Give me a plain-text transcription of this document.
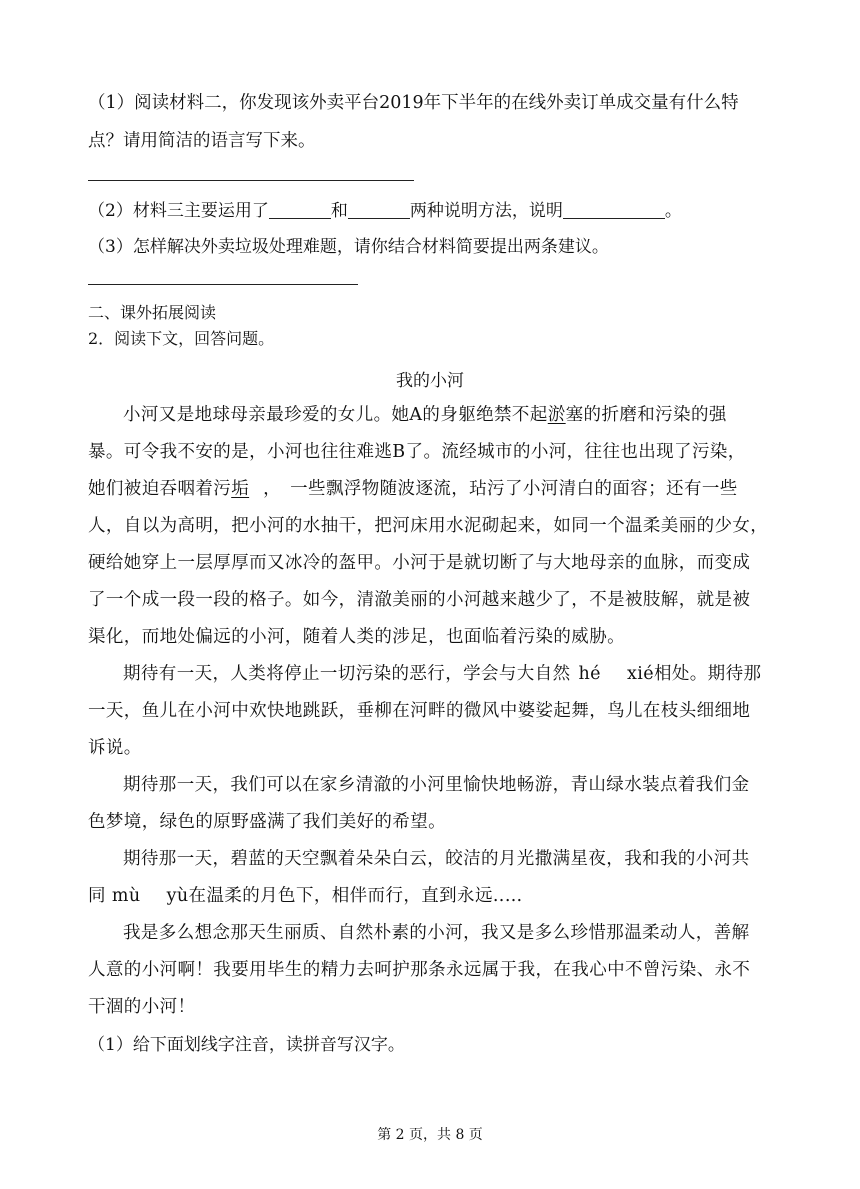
（1）阅读材料二，你发现该外卖平台2019年下半年的在线外卖订单成交量有什么特
点？请用简洁的语言写下来。
（2）材料三主要运用了	和	两种说明方法，说明	。
（3）怎样解决外卖垃圾处理难题，请你结合材料简要提出两条建议。
二、课外拓展阅读
2．阅读下文，回答问题。
我的小河
小河又是地球母亲最珍爱的女儿。她A的身躯绝禁不起淤塞的折磨和污染的强
暴。可令我不安的是，小河也往往难逃B了。流经城市的小河，往往也出现了污染，
她们被迫吞咽着污垢 ，　一些飘浮物随波逐流，玷污了小河清白的面容；还有一些
人，自以为高明，把小河的水抽干，把河床用水泥砌起来，如同一个温柔美丽的少女，
硬给她穿上一层厚厚而又冰冷的盔甲。小河于是就切断了与大地母亲的血脉，而变成
了一个成一段一段的格子。如今，清澈美丽的小河越来越少了，不是被肢解，就是被
渠化，而地处偏远的小河，随着人类的涉足，也面临着污染的威胁。
期待有一天，人类将停止一切污染的恶行，学会与大自然 hé xié相处。期待那
一天，鱼儿在小河中欢快地跳跃，垂柳在河畔的微风中婆娑起舞，鸟儿在枝头细细地
诉说。
期待那一天，我们可以在家乡清澈的小河里愉快地畅游，青山绿水装点着我们金
色梦境，绿色的原野盛满了我们美好的希望。
期待那一天，碧蓝的天空飘着朵朵白云，皎洁的月光撒满星夜，我和我的小河共
同 mù yù在温柔的月色下，相伴而行，直到永远..…
我是多么想念那天生丽质、自然朴素的小河，我又是多么珍惜那温柔动人，善解
人意的小河啊！我要用毕生的精力去呵护那条永远属于我，在我心中不曾污染、永不
干涸的小河！
（1）给下面划线字注音，读拼音写汉字。
第 2 页，共 8 页
